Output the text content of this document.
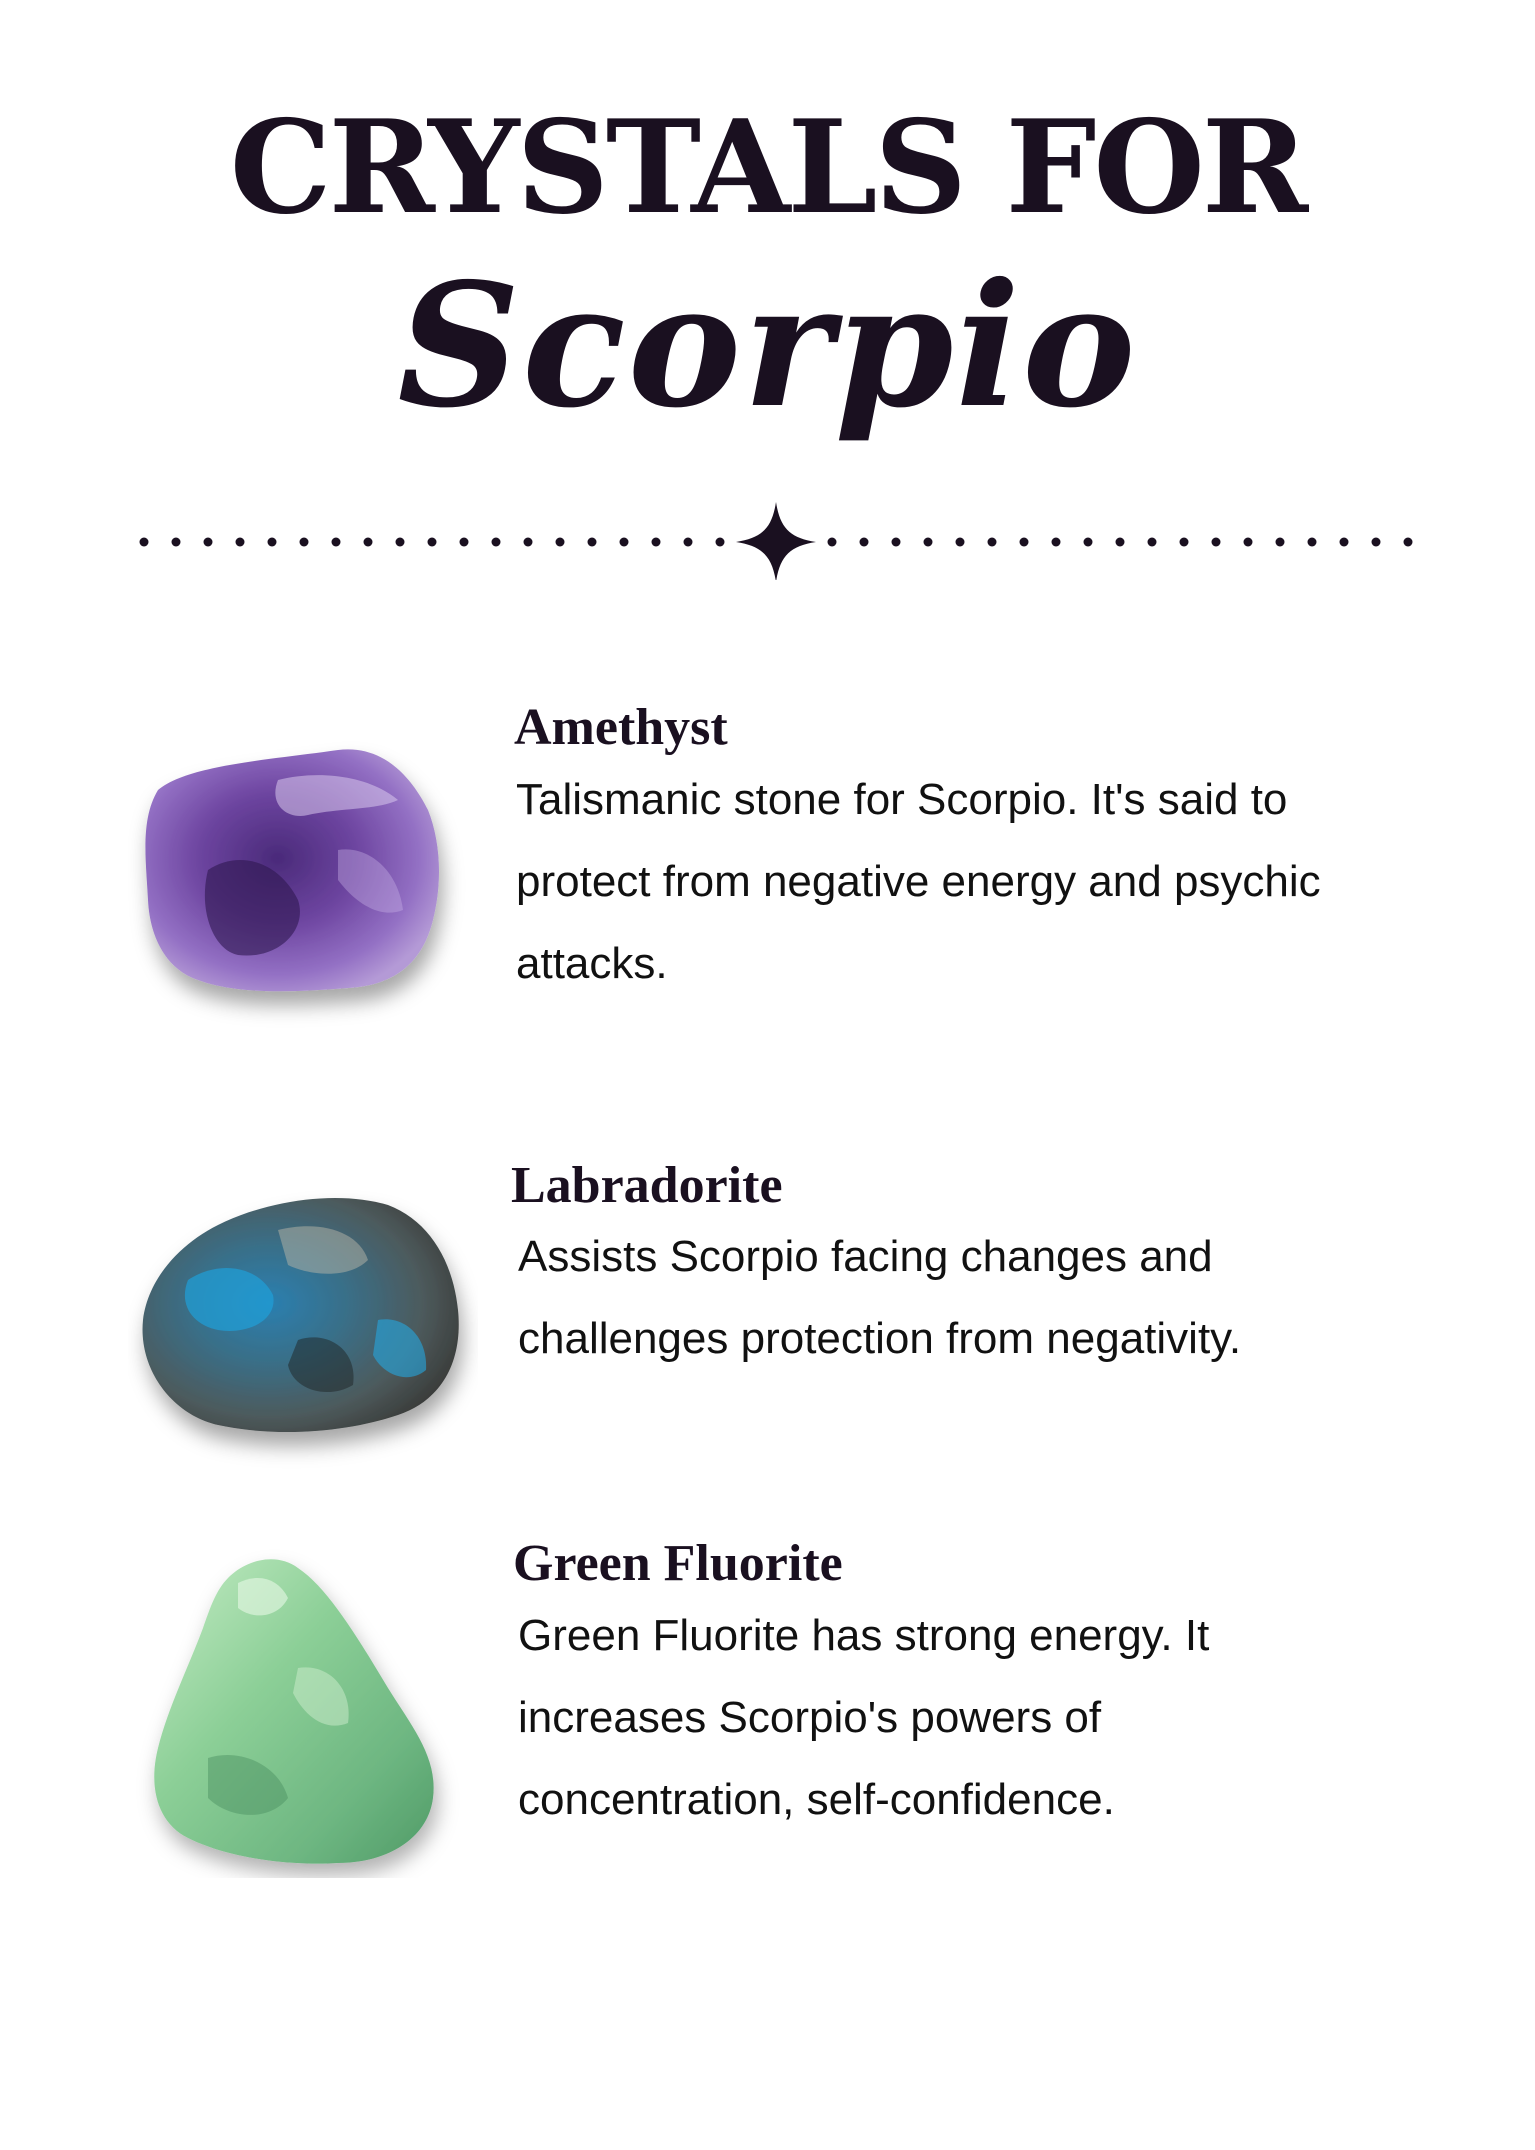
CRYSTALS FOR
Scorpio
Amethyst

Talismanic stone for Scorpio. It's said to protect from negative energy and psychic attacks.

Labradorite

Assists Scorpio facing changes and challenges protection from negativity.

Green Fluorite

Green Fluorite has strong energy. It increases Scorpio's powers of concentration, self-confidence.
